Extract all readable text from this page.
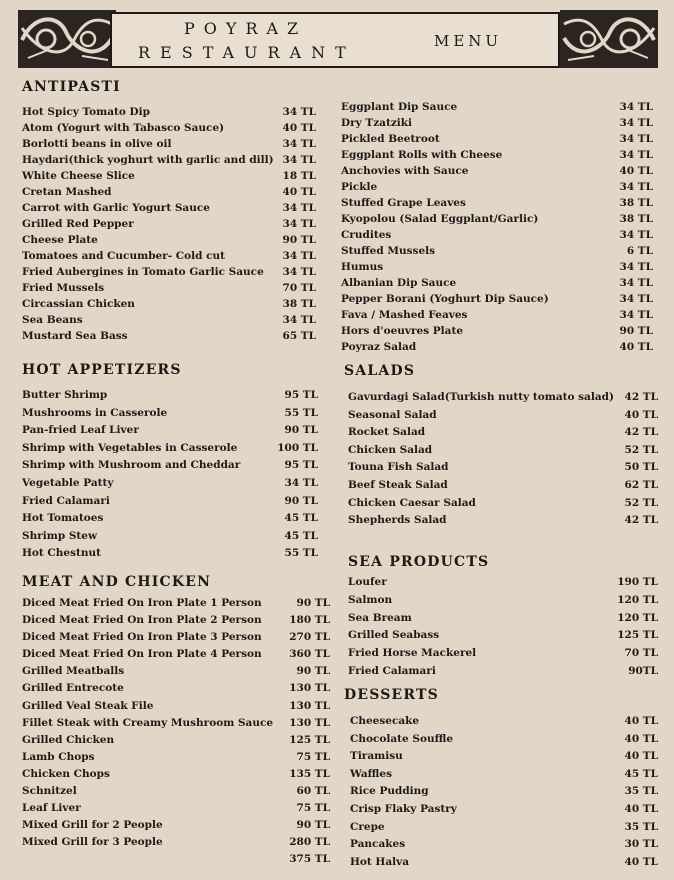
POYRAZ
RESTAURANT
MENU
ANTIPASTI
Hot Spicy Tomato Dip	34 TL
Atom (Yogurt with Tabasco Sauce)	40 TL
Borlotti beans in olive oil	34 TL
Haydari(thick yoghurt with garlic and dill) 34 TL
White Cheese Slice	18 TL
Cretan Mashed	40 TL
Carrot with Garlic Yogurt Sauce	34 TL
Grilled Red Pepper	34 TL
Cheese Plate	90 TL
Tomatoes and Cucumber- Cold cut	34 TL
Fried Aubergines in Tomato Garlic Sauce 34 TL
Fried Mussels	70 TL
Circassian Chicken	38 TL
Sea Beans	34 TL
Mustard Sea Bass	65 TL
Eggplant Dip Sauce	34 TL
Dry Tzatziki	34 TL
Pickled Beetroot	34 TL
Eggplant Rolls with Cheese	34 TL
Anchovies with Sauce	40 TL
Pickle	34 TL
Stuffed Grape Leaves	38 TL
Kyopolou (Salad Eggplant/Garlic)	38 TL
Crudites	34 TL
Stuffed Mussels	6 TL
Humus	34 TL
Albanian Dip Sauce	34 TL
Pepper Borani (Yoghurt Dip Sauce)	34 TL
Fava / Mashed Feaves	34 TL
Hors d'oeuvres Plate	90 TL
Poyraz Salad	40 TL
HOT APPETIZERS
Butter Shrimp	95 TL
Mushrooms in Casserole	55 TL
Pan-fried Leaf Liver	90 TL
Shrimp with Vegetables in Casserole	100 TL
Shrimp with Mushroom and Cheddar	95 TL
Vegetable Patty	34 TL
Fried Calamari	90 TL
Hot Tomatoes	45 TL
Shrimp Stew	45 TL
Hot Chestnut	55 TL
MEAT AND CHICKEN
Diced Meat Fried On Iron Plate 1 Person	90 TL
Diced Meat Fried On Iron Plate 2 Person	180 TL
Diced Meat Fried On Iron Plate 3 Person	270 TL
Diced Meat Fried On Iron Plate 4 Person	360 TL
Grilled Meatballs	90 TL
Grilled Entrecote	130 TL
Grilled Veal Steak File	130 TL
Fillet Steak with Creamy Mushroom Sauce 130 TL
Grilled Chicken	125 TL
Lamb Chops	75 TL
Chicken Chops	135 TL
Schnitzel	60 TL
Leaf Liver	75 TL
Mixed Grill for 2 People	90 TL
Mixed Grill for 3 People	280 TL
375 TL
SALADS
Gavurdagi Salad(Turkish nutty tomato salad) 42 TL
Seasonal Salad	40 TL
Rocket Salad	42 TL
Chicken Salad	52 TL
Touna Fish Salad	50 TL
Beef Steak Salad	62 TL
Chicken Caesar Salad	52 TL
Shepherds Salad	42 TL
SEA PRODUCTS
Loufer	190 TL
Salmon	120 TL
Sea Bream	120 TL
Grilled Seabass	125 TL
Fried Horse Mackerel	70 TL
Fried Calamari	90TL
DESSERTS
Cheesecake	40 TL
Chocolate Souffle	40 TL
Tiramisu	40 TL
Waffles	45 TL
Rice Pudding	35 TL
Crisp Flaky Pastry	40 TL
Crepe	35 TL
Pancakes	30 TL
Hot Halva	40 TL
